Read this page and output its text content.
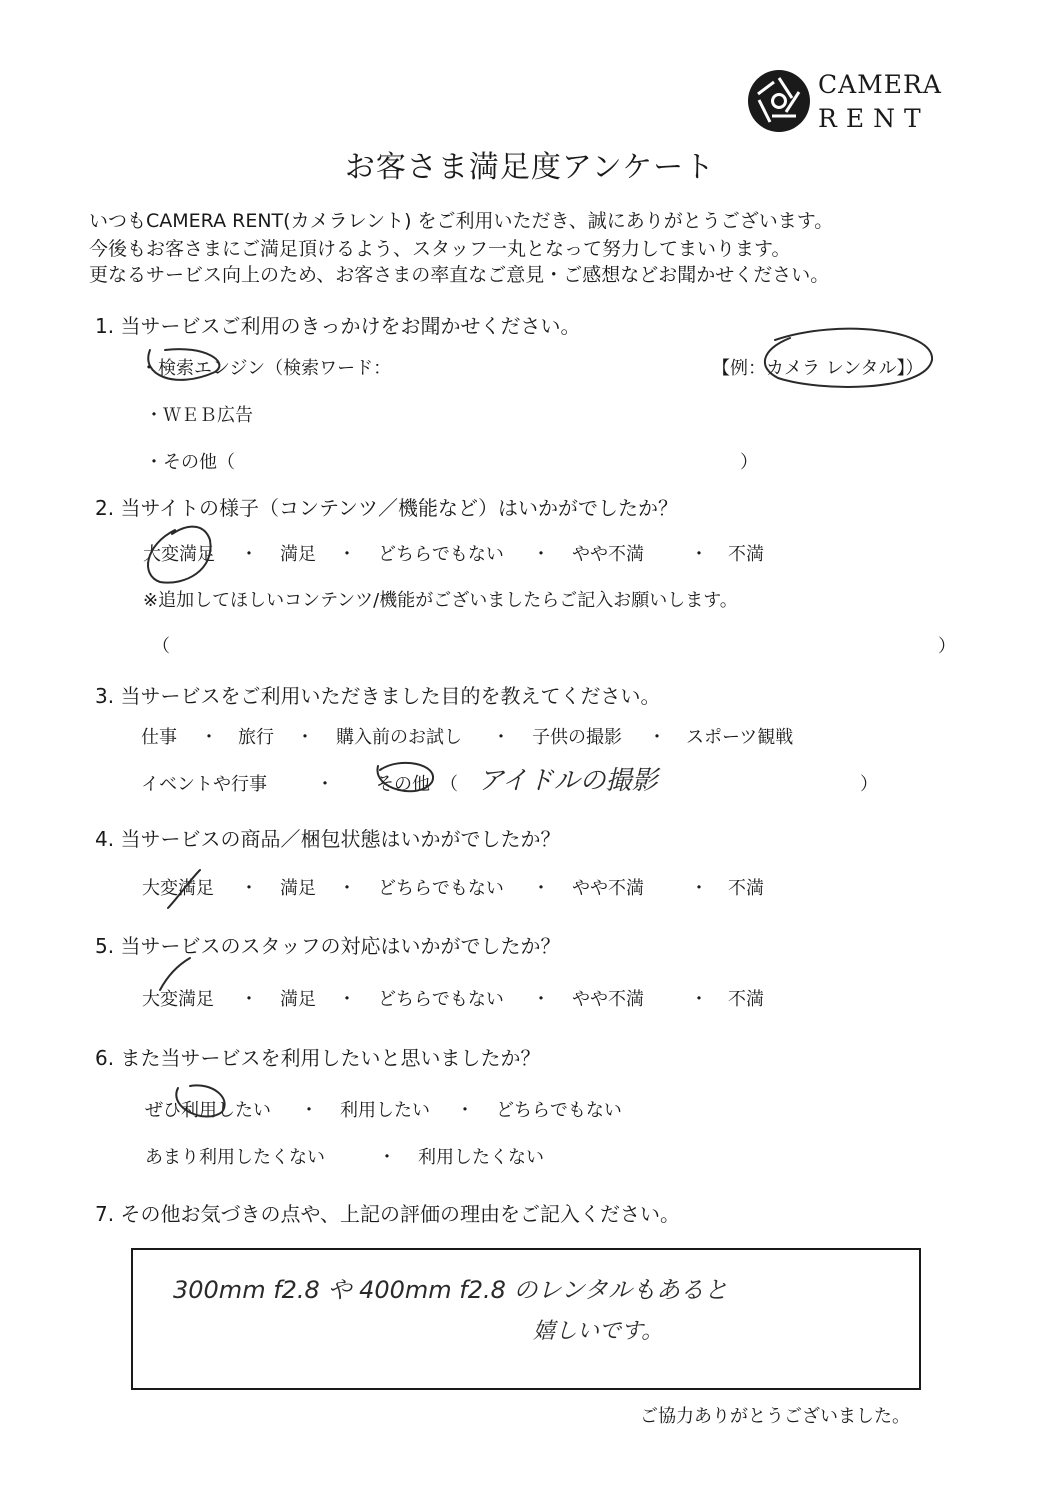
CAMERA
RENT
お客さま満足度アンケート
いつもCAMERA RENT(カメラレント) をご利用いただき、誠にありがとうございます。
今後もお客さまにご満足頂けるよう、スタッフ一丸となって努力してまいります。
更なるサービス向上のため、お客さまの率直なご意見・ご感想などお聞かせください。
1. 当サービスご利用のきっかけをお聞かせください。
・検索エンジン（検索ワード：	【例：カメラ レンタル】）
・ＷＥＢ広告
・その他（	）
2. 当サイトの様子（コンテンツ／機能など）はいかがでしたか？
大変満足 ・ 満足 ・ どちらでもない ・ やや不満	・ 不満
※追加してほしいコンテンツ/機能がございましたらご記入お願いします。
（	）
3. 当サービスをご利用いただきました目的を教えてください。
仕事 ・ 旅行 ・ 購入前のお試し ・ 子供の撮影 ・ スポーツ観戦
イベントや行事	・ その他 （ アイドルの撮影	）
4. 当サービスの商品／梱包状態はいかがでしたか？
大変満足 ・ 満足 ・ どちらでもない ・ やや不満	・ 不満
5. 当サービスのスタッフの対応はいかがでしたか？
大変満足 ・ 満足 ・ どちらでもない ・ やや不満	・ 不満
6. また当サービスを利用したいと思いましたか？
ぜひ利用したい ・ 利用したい ・ どちらでもない
あまり利用したくない	・ 利用したくない
7. その他お気づきの点や、上記の評価の理由をご記入ください。
300mm f2.8 や 400mm f2.8 のレンタルもあると
嬉しいです。
ご協力ありがとうございました。
